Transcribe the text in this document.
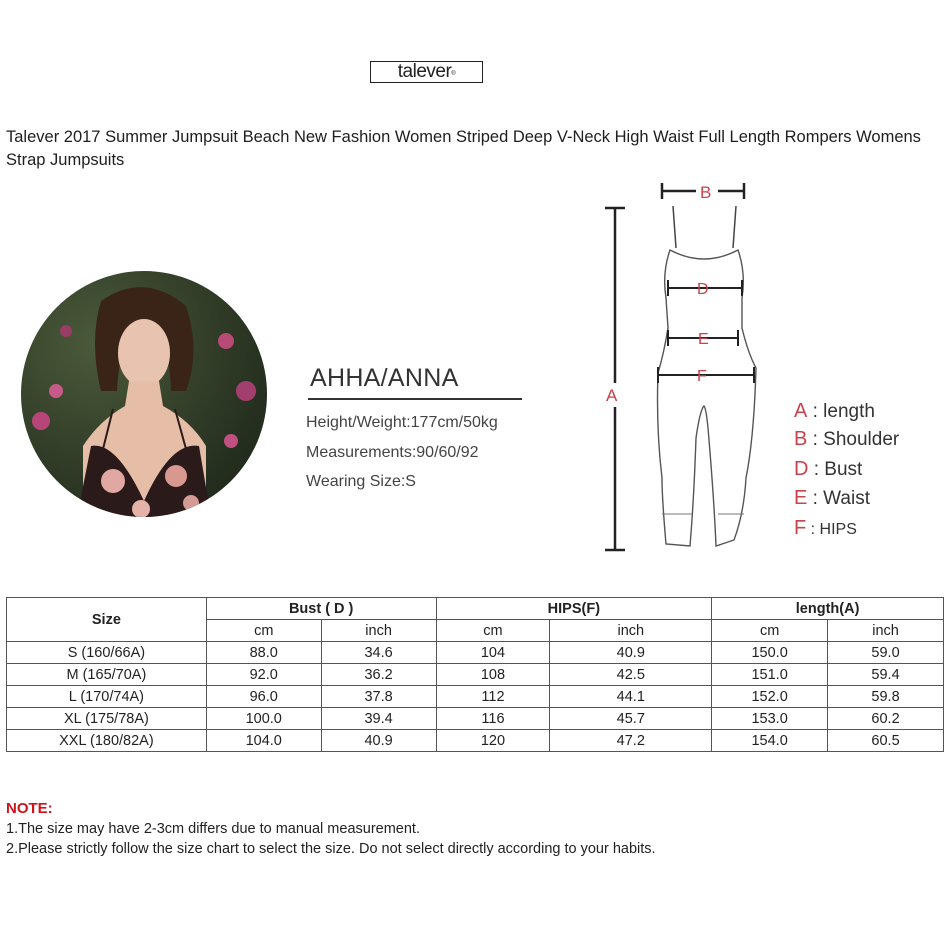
talever®
Talever 2017 Summer Jumpsuit Beach New Fashion Women Striped Deep V-Neck High Waist Full Length Rompers Womens Strap Jumpsuits
AHHA/ANNA
Height/Weight:177cm/50kg
Measurements:90/60/92
Wearing Size:S
A
B
D
E
F
A : length
B : Shoulder
D : Bust
E : Waist
F : HIPS
Size	Bust ( D )		HIPS(F)		length(A)	
	cm	inch	cm	inch	cm	inch
S (160/66A)	88.0	34.6	104	40.9	150.0	59.0
M (165/70A)	92.0	36.2	108	42.5	151.0	59.4
L (170/74A)	96.0	37.8	112	44.1	152.0	59.8
XL (175/78A)	100.0	39.4	116	45.7	153.0	60.2
XXL (180/82A)	104.0	40.9	120	47.2	154.0	60.5
NOTE:
1.The size may have 2-3cm differs due to manual measurement.
2.Please strictly follow the size chart to select the size. Do not select directly according to your habits.
